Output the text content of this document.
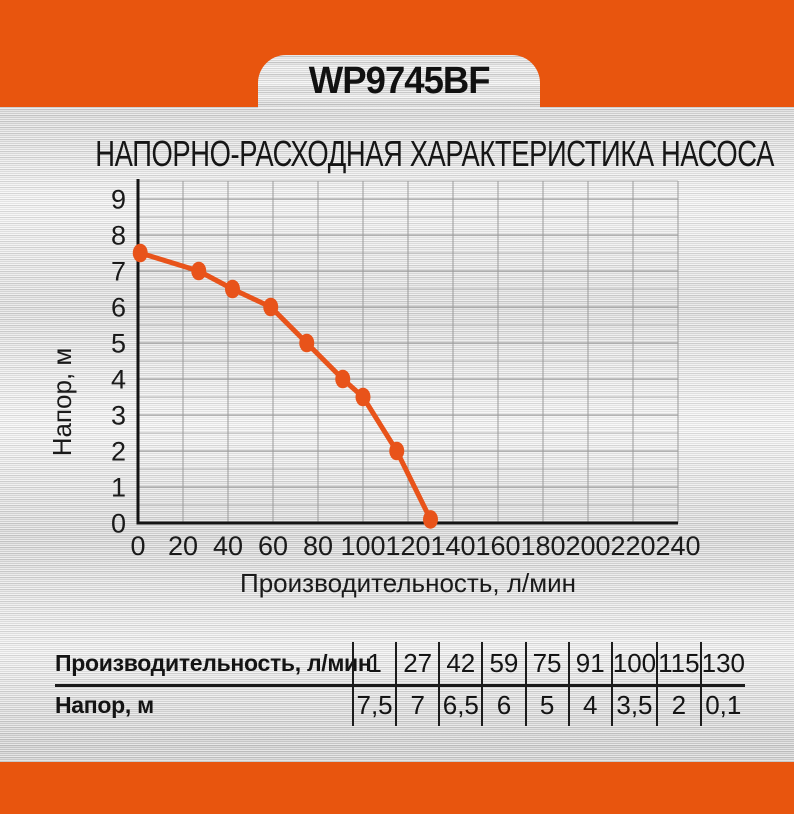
WP9745BF
НАПОРНО-РАСХОДНАЯ ХАРАКТЕРИСТИКА НАСОСА
0
1
2
3
4
5
6
7
8
9
0 20 40 60 80 100 120 140 160 180 200 220 240
Производительность, л/мин
Напор, м
Производительность, л/мин
1 27 42 59 75 91 100 115 130
Напор, м	7,5 7 6,5 6	5	4 3,5 2 0,1
